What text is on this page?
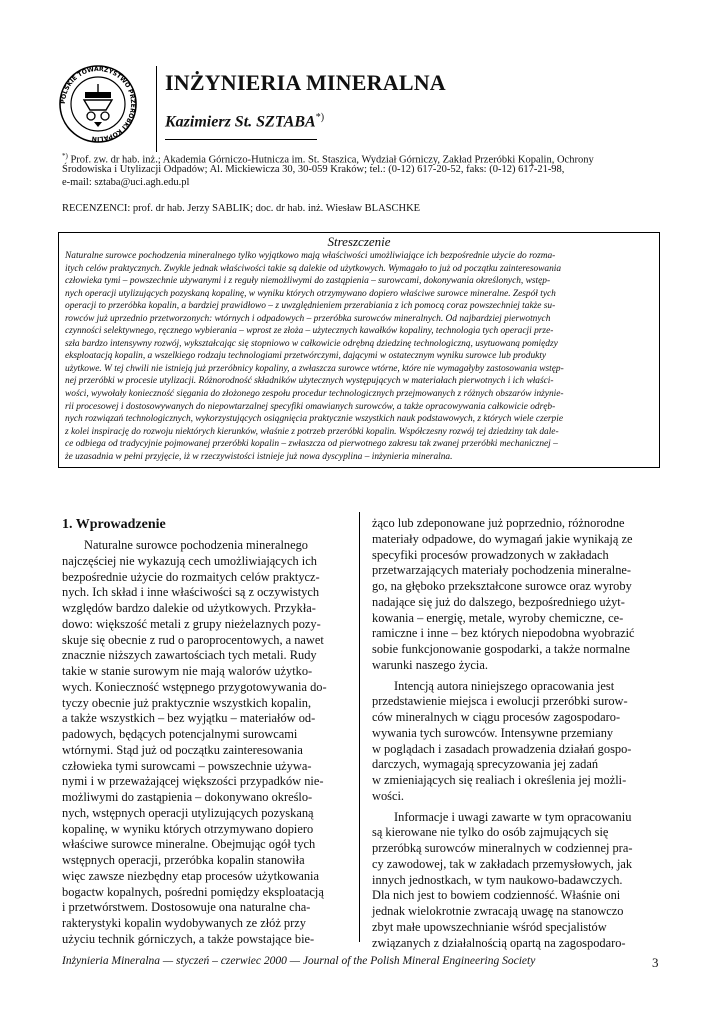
POLSKIE TOWARZYSTWO PRZERÓBKI KOPALIN
INŻYNIERIA MINERALNA
Kazimierz St. SZTABA*)
*) Prof. zw. dr hab. inż.; Akademia Górniczo-Hutnicza im. St. Staszica, Wydział Górniczy, Zakład Przeróbki Kopalin, Ochrony
Środowiska i Utylizacji Odpadów; Al. Mickiewicza 30, 30-059 Kraków; tel.: (0-12) 617-20-52, faks: (0-12) 617-21-98,
e-mail: sztaba@uci.agh.edu.pl
RECENZENCI: prof. dr hab. Jerzy SABLIK; doc. dr hab. inż. Wiesław BLASCHKE
Streszczenie
Naturalne surowce pochodzenia mineralnego tylko wyjątkowo mają właściwości umożliwiające ich bezpośrednie użycie do rozma-
itych celów praktycznych. Zwykle jednak właściwości takie są dalekie od użytkowych. Wymagało to już od początku zainteresowania
człowieka tymi – powszechnie używanymi i z reguły niemożliwymi do zastąpienia – surowcami, dokonywania określonych, wstęp-
nych operacji utylizujących pozyskaną kopalinę, w wyniku których otrzymywano dopiero właściwe surowce mineralne. Zespół tych
operacji to przeróbka kopalin, a bardziej prawidłowo – z uwzględnieniem przerabiania z ich pomocą coraz powszechniej także su-
rowców już uprzednio przetworzonych: wtórnych i odpadowych – przeróbka surowców mineralnych. Od najbardziej pierwotnych
czynności selektywnego, ręcznego wybierania – wprost ze złoża – użytecznych kawałków kopaliny, technologia tych operacji prze-
szła bardzo intensywny rozwój, wykształcając się stopniowo w całkowicie odrębną dziedzinę technologiczną, usytuowaną pomiędzy
eksploatacją kopalin, a wszelkiego rodzaju technologiami przetwórczymi, dającymi w ostatecznym wyniku surowce lub produkty
użytkowe. W tej chwili nie istnieją już przeróbnicy kopaliny, a zwłaszcza surowce wtórne, które nie wymagałyby zastosowania wstęp-
nej przeróbki w procesie utylizacji. Różnorodność składników użytecznych występujących w materiałach pierwotnych i ich właści-
wości, wywołały konieczność sięgania do złożonego zespołu procedur technologicznych przejmowanych z różnych obszarów inżynie-
rii procesowej i dostosowywanych do niepowtarzalnej specyfiki omawianych surowców, a także opracowywania całkowicie odręb-
nych rozwiązań technologicznych, wykorzystujących osiągnięcia praktycznie wszystkich nauk podstawowych, z których wiele czerpie
z kolei inspirację do rozwoju niektórych kierunków, właśnie z potrzeb przeróbki kopalin. Współczesny rozwój tej dziedziny tak dale-
ce odbiega od tradycyjnie pojmowanej przeróbki kopalin – zwłaszcza od pierwotnego zakresu tak zwanej przeróbki mechanicznej –
że uzasadnia w pełni przyjęcie, iż w rzeczywistości istnieje już nowa dyscyplina – inżynieria mineralna.
1. Wprowadzenie
Naturalne surowce pochodzenia mineralnego
najczęściej nie wykazują cech umożliwiających ich
bezpośrednie użycie do rozmaitych celów praktycz-
nych. Ich skład i inne właściwości są z oczywistych
względów bardzo dalekie od użytkowych. Przykła-
dowo: większość metali z grupy nieżelaznych pozy-
skuje się obecnie z rud o paroprocentowych, a nawet
znacznie niższych zawartościach tych metali. Rudy
takie w stanie surowym nie mają walorów użytko-
wych. Konieczność wstępnego przygotowywania do-
tyczy obecnie już praktycznie wszystkich kopalin,
a także wszystkich – bez wyjątku – materiałów od-
padowych, będących potencjalnymi surowcami
wtórnymi. Stąd już od początku zainteresowania
człowieka tymi surowcami – powszechnie używa-
nymi i w przeważającej większości przypadków nie-
możliwymi do zastąpienia – dokonywano określo-
nych, wstępnych operacji utylizujących pozyskaną
kopalinę, w wyniku których otrzymywano dopiero
właściwe surowce mineralne. Obejmując ogół tych
wstępnych operacji, przeróbka kopalin stanowiła
więc zawsze niezbędny etap procesów użytkowania
bogactw kopalnych, pośredni pomiędzy eksploatacją
i przetwórstwem. Dostosowuje ona naturalne cha-
rakterystyki kopalin wydobywanych ze złóż przy
użyciu technik górniczych, a także powstające bie-
żąco lub zdeponowane już poprzednio, różnorodne
materiały odpadowe, do wymagań jakie wynikają ze
specyfiki procesów prowadzonych w zakładach
przetwarzających materiały pochodzenia mineralne-
go, na głęboko przekształcone surowce oraz wyroby
nadające się już do dalszego, bezpośredniego użyt-
kowania – energię, metale, wyroby chemiczne, ce-
ramiczne i inne – bez których niepodobna wyobrazić
sobie funkcjonowanie gospodarki, a także normalne
warunki naszego życia.
Intencją autora niniejszego opracowania jest
przedstawienie miejsca i ewolucji przeróbki surow-
ców mineralnych w ciągu procesów zagospodaro-
wywania tych surowców. Intensywne przemiany
w poglądach i zasadach prowadzenia działań gospo-
darczych, wymagają sprecyzowania jej zadań
w zmieniających się realiach i określenia jej możli-
wości.
Informacje i uwagi zawarte w tym opracowaniu
są kierowane nie tylko do osób zajmujących się
przeróbką surowców mineralnych w codziennej pra-
cy zawodowej, tak w zakładach przemysłowych, jak
innych jednostkach, w tym naukowo-badawczych.
Dla nich jest to bowiem codzienność. Właśnie oni
jednak wielokrotnie zwracają uwagę na stanowczo
zbyt małe upowszechnianie wśród specjalistów
związanych z działalnością opartą na zagospodaro-
Inżynieria Mineralna — styczeń – czerwiec 2000 — Journal of the Polish Mineral Engineering Society	3
